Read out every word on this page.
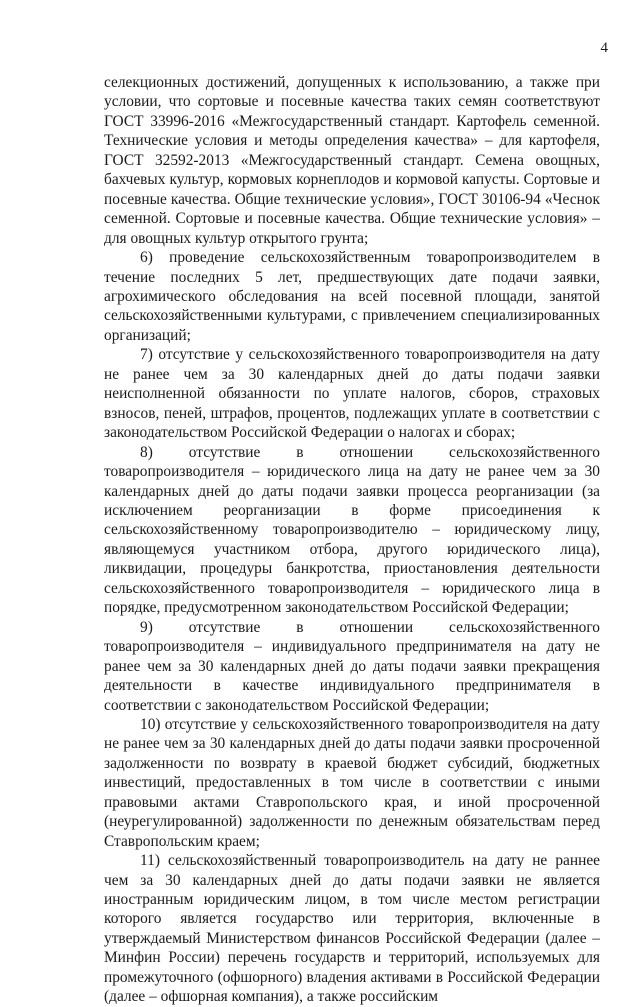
4

селекционных достижений, допущенных к использованию, а также при условии, что сортовые и посевные качества таких семян соответствуют ГОСТ 33996-2016 «Межгосударственный стандарт. Картофель семенной. Технические условия и методы определения качества» – для картофеля, ГОСТ 32592-2013 «Межгосударственный стандарт. Семена овощных, бахчевых культур, кормовых корнеплодов и кормовой капусты. Сортовые и посевные качества. Общие технические условия», ГОСТ 30106-94 «Чеснок семенной. Сортовые и посевные качества. Общие технические условия» – для овощных культур открытого грунта;

6) проведение сельскохозяйственным товаропроизводителем в течение последних 5 лет, предшествующих дате подачи заявки, агрохимического обследования на всей посевной площади, занятой сельскохозяйственными культурами, с привлечением специализированных организаций;

7) отсутствие у сельскохозяйственного товаропроизводителя на дату не ранее чем за 30 календарных дней до даты подачи заявки неисполненной обязанности по уплате налогов, сборов, страховых взносов, пеней, штрафов, процентов, подлежащих уплате в соответствии с законодательством Российской Федерации о налогах и сборах;

8) отсутствие в отношении сельскохозяйственного товаропроизводителя – юридического лица на дату не ранее чем за 30 календарных дней до даты подачи заявки процесса реорганизации (за исключением реорганизации в форме присоединения к сельскохозяйственному товаропроизводителю – юридическому лицу, являющемуся участником отбора, другого юридического лица), ликвидации, процедуры банкротства, приостановления деятельности сельскохозяйственного товаропроизводителя – юридического лица в порядке, предусмотренном законодательством Российской Федерации;

9) отсутствие в отношении сельскохозяйственного товаропроизводителя – индивидуального предпринимателя на дату не ранее чем за 30 календарных дней до даты подачи заявки прекращения деятельности в качестве индивидуального предпринимателя в соответствии с законодательством Российской Федерации;

10) отсутствие у сельскохозяйственного товаропроизводителя на дату не ранее чем за 30 календарных дней до даты подачи заявки просроченной задолженности по возврату в краевой бюджет субсидий, бюджетных инвестиций, предоставленных в том числе в соответствии с иными правовыми актами Ставропольского края, и иной просроченной (неурегулированной) задолженности по денежным обязательствам перед Ставропольским краем;

11) сельскохозяйственный товаропроизводитель на дату не раннее чем за 30 календарных дней до даты подачи заявки не является иностранным юридическим лицом, в том числе местом регистрации которого является государство или территория, включенные в утверждаемый Министерством финансов Российской Федерации (далее – Минфин России) перечень государств и территорий, используемых для промежуточного (офшорного) владения активами в Российской Федерации (далее – офшорная компания), а также российским
